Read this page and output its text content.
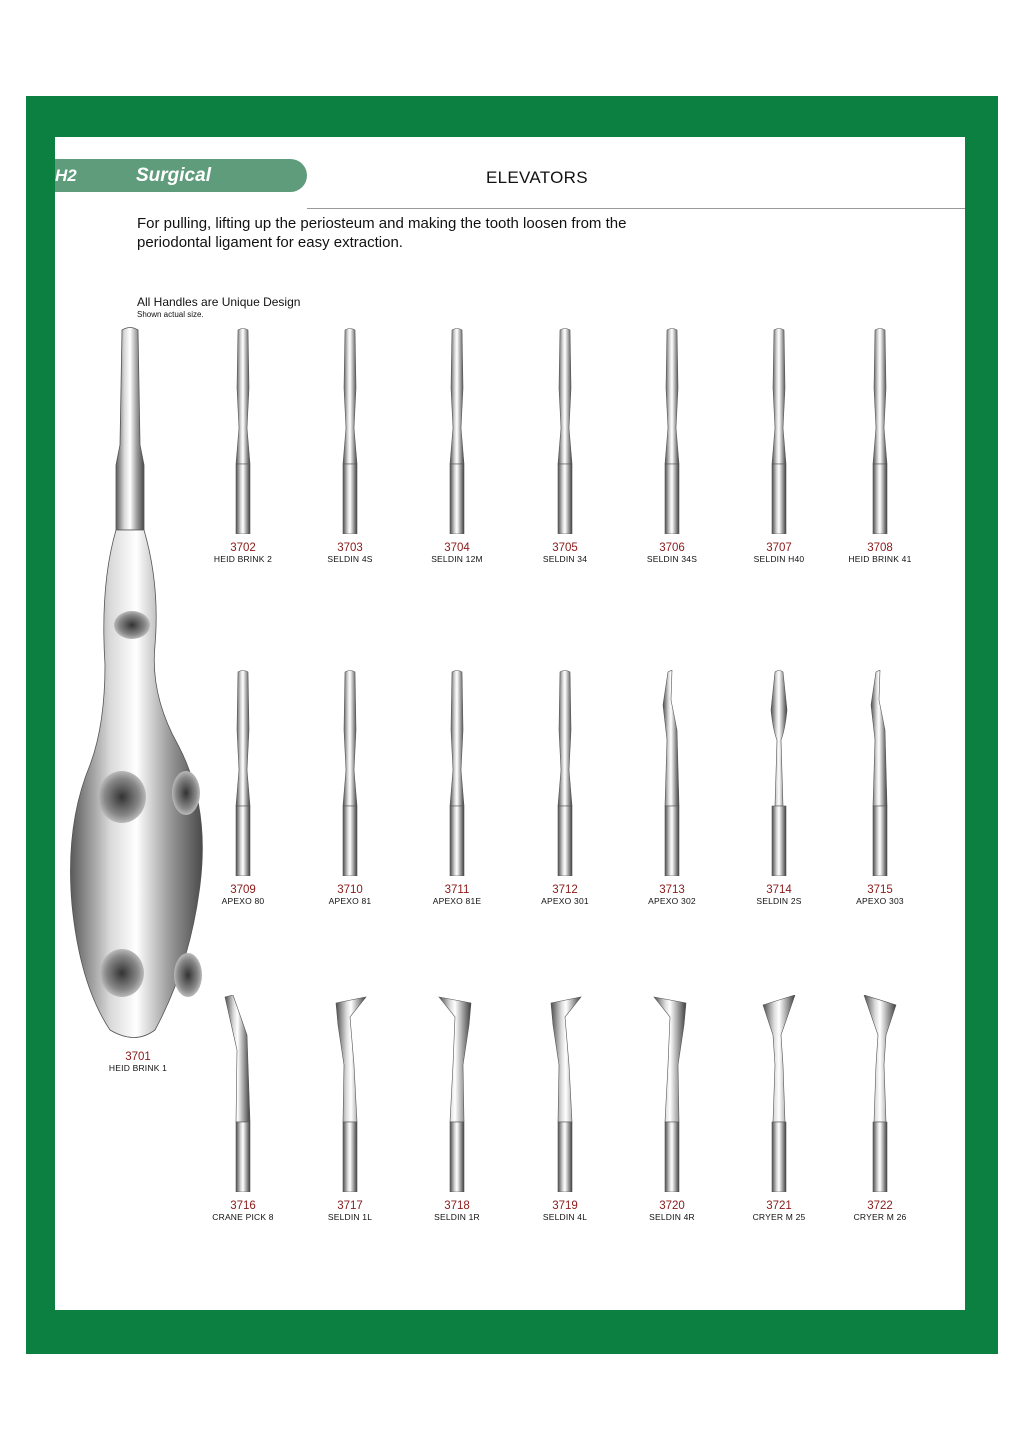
H2	Surgical	ELEVATORS
For pulling, lifting up the periosteum and making the tooth loosen from the periodontal ligament for easy extraction.
All Handles are Unique Design
Shown actual size.
3701
HEID BRINK 1
3702
HEID BRINK 2
3703
SELDIN 4S
3704
SELDIN 12M
3705
SELDIN 34
3706
SELDIN 34S
3707
SELDIN H40
3708
HEID BRINK 41
3709
APEXO 80
3710
APEXO 81
3711
APEXO 81E
3712
APEXO 301
3713
APEXO 302
3714
SELDIN 2S
3715
APEXO 303
3716
CRANE PICK 8
3717
SELDIN 1L
3718
SELDIN 1R
3719
SELDIN 4L
3720
SELDIN 4R
3721
CRYER M 25
3722
CRYER M 26
